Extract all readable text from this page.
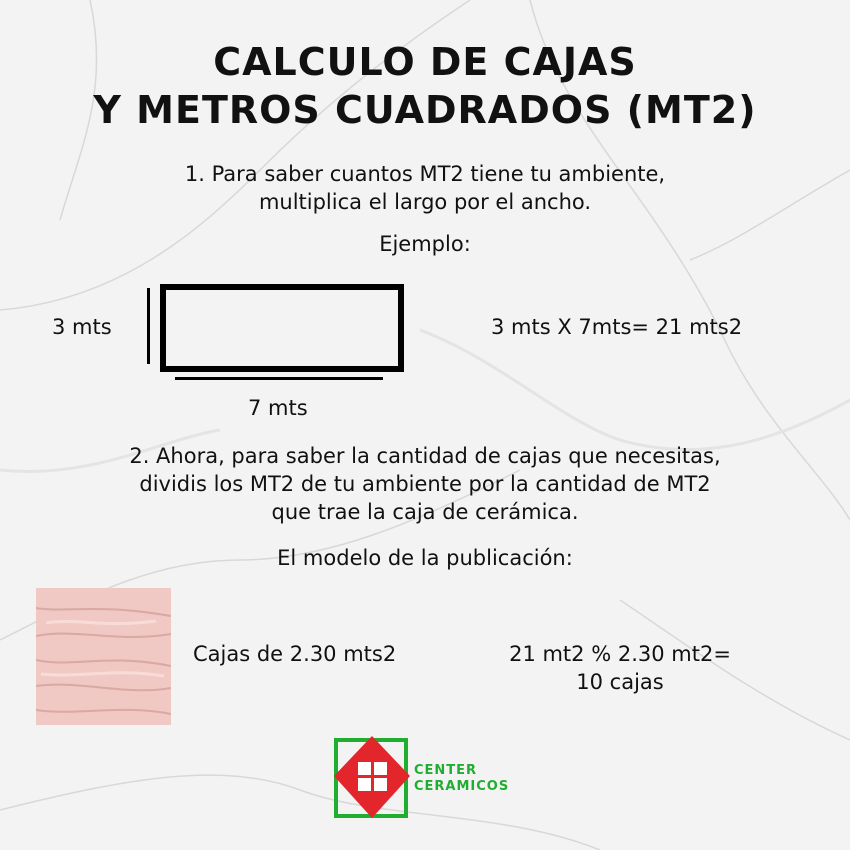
CALCULO DE CAJAS
Y METROS CUADRADOS (MT2)
1. Para saber cuantos MT2 tiene tu ambiente,
multiplica el largo por el ancho.
Ejemplo:
3 mts
7 mts
3 mts X 7mts= 21 mts2
2. Ahora, para saber la cantidad de cajas que necesitas,
dividis los MT2 de tu ambiente por la cantidad de MT2
que trae la caja de cerámica.
El modelo de la publicación:
Cajas de 2.30 mts2	21 mt2 % 2.30 mt2=
10 cajas
CENTER
CERAMICOS
